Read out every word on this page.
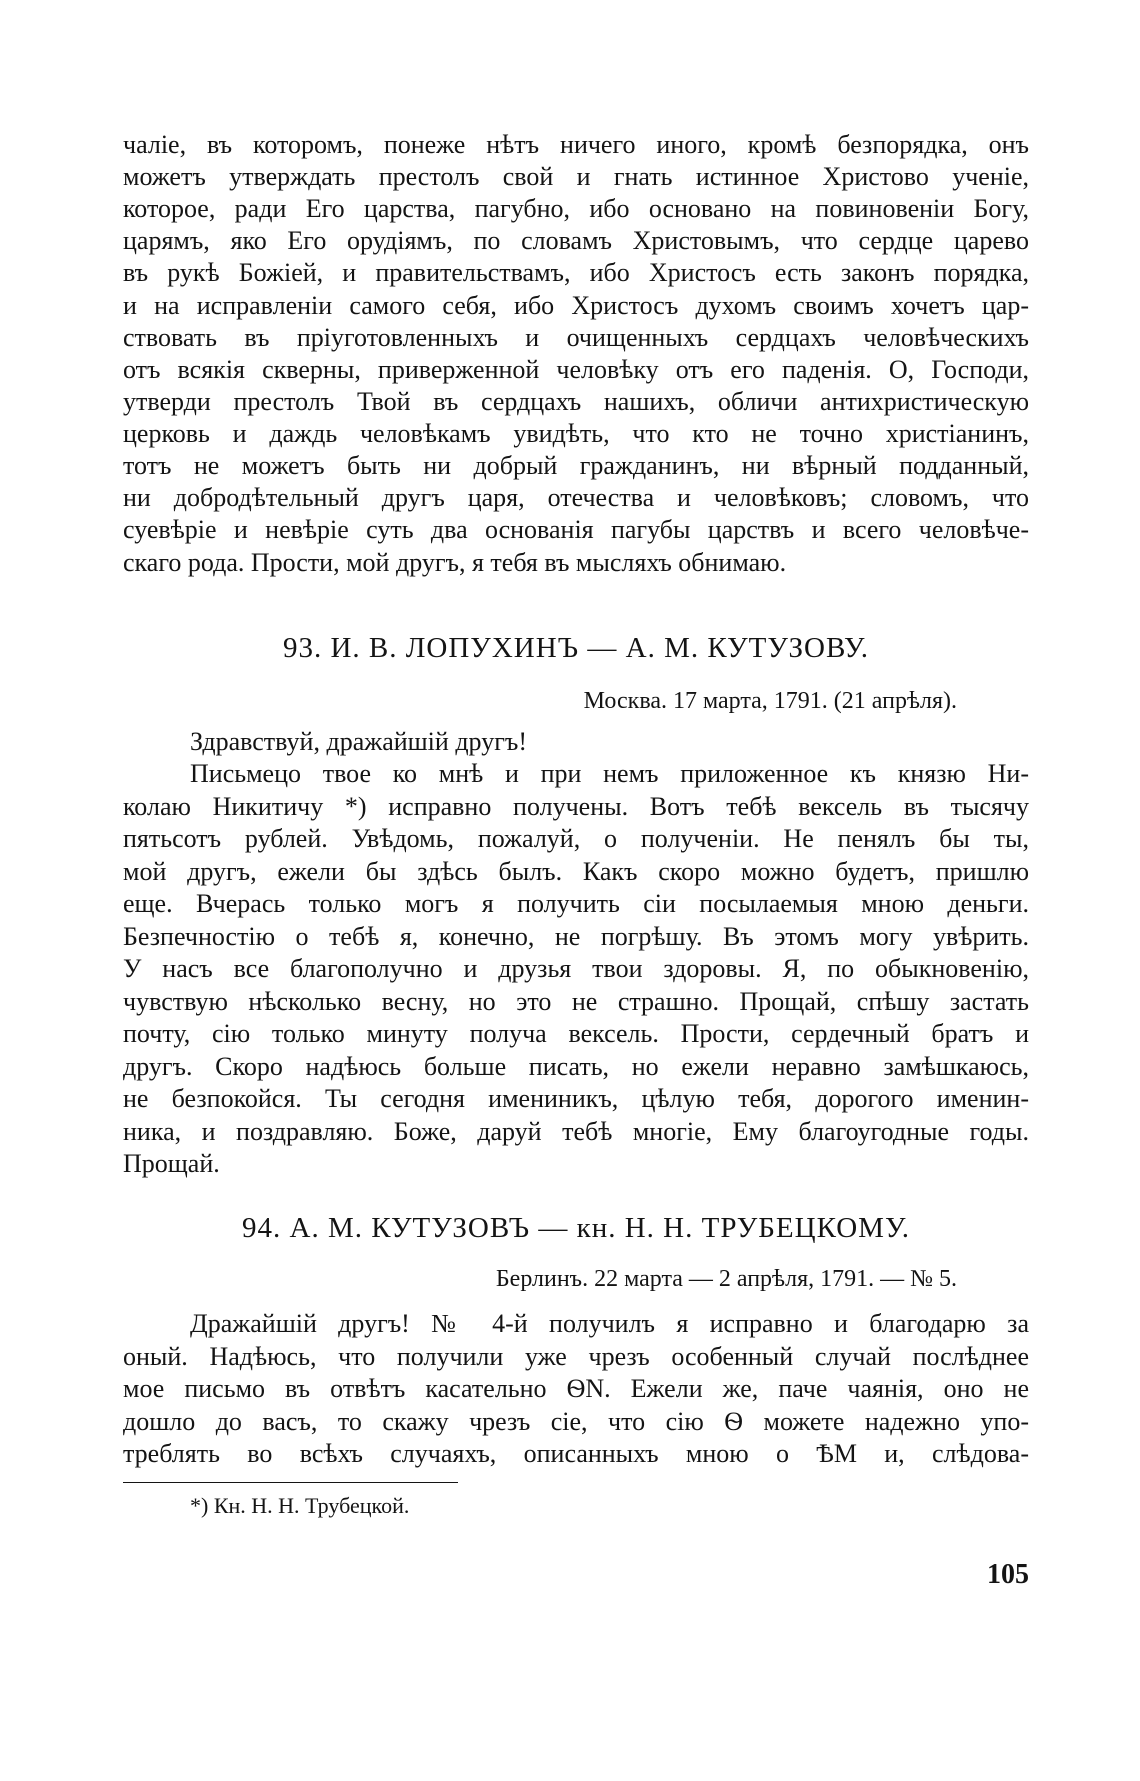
чаліе, въ которомъ, понеже нѣтъ ничего иного, кромѣ безпорядка, онъ
можетъ утверждать престолъ свой и гнать истинное Христово ученіе,
которое, ради Его царства, пагубно, ибо основано на повиновеніи Богу,
царямъ, яко Его орудіямъ, по словамъ Христовымъ, что сердце царево
въ рукѣ Божіей, и правительствамъ, ибо Христосъ есть законъ порядка,
и на исправленіи самого себя, ибо Христосъ духомъ своимъ хочетъ цар-
ствовать въ пріуготовленныхъ и очищенныхъ сердцахъ человѣческихъ
отъ всякія скверны, приверженной человѣку отъ его паденія. О, Господи,
утверди престолъ Твой въ сердцахъ нашихъ, обличи антихристическую
церковь и даждь человѣкамъ увидѣть, что кто не точно христіанинъ,
тотъ не можетъ быть ни добрый гражданинъ, ни вѣрный подданный,
ни добродѣтельный другъ царя, отечества и человѣковъ; словомъ, что
суевѣріе и невѣріе суть два основанія пагубы царствъ и всего человѣче-
скаго рода. Прости, мой другъ, я тебя въ мысляхъ обнимаю.
93. И. В. ЛОПУХИНЪ — А. М. КУТУЗОВУ.
Москва. 17 марта, 1791. (21 апрѣля).
Здравствуй, дражайшій другъ!
Письмецо твое ко мнѣ и при немъ приложенное къ князю Ни-
колаю Никитичу *) исправно получены. Вотъ тебѣ вексель въ тысячу
пятьсотъ рублей. Увѣдомь, пожалуй, о полученіи. Не пенялъ бы ты,
мой другъ, ежели бы здѣсь былъ. Какъ скоро можно будетъ, пришлю
еще. Вчерась только могъ я получить сіи посылаемыя мною деньги.
Безпечностію о тебѣ я, конечно, не погрѣшу. Въ этомъ могу увѣрить.
У насъ все благополучно и друзья твои здоровы. Я, по обыкновенію,
чувствую нѣсколько весну, но это не страшно. Прощай, спѣшу застать
почту, сію только минуту получа вексель. Прости, сердечный братъ и
другъ. Скоро надѣюсь больше писать, но ежели неравно замѣшкаюсь,
не безпокойся. Ты сегодня имениникъ, цѣлую тебя, дорогого именин-
ника, и поздравляю. Боже, даруй тебѣ многіе, Ему благоугодные годы.
Прощай.
94. А. М. КУТУЗОВЪ — кн. Н. Н. ТРУБЕЦКОМУ.
Берлинъ. 22 марта — 2 апрѣля, 1791. — № 5.
Дражайшій другъ! № 4-й получилъ я исправно и благодарю за
оный. Надѣюсь, что получили уже чрезъ особенный случай послѣднее
мое письмо въ отвѣтъ касательно ѲN. Ежели же, паче чаянія, оно не
дошло до васъ, то скажу чрезъ сіе, что сію Ѳ можете надежно упо-
треблять во всѣхъ случаяхъ, описанныхъ мною о ѢМ и, слѣдова-
*) Кн. Н. Н. Трубецкой.
105
